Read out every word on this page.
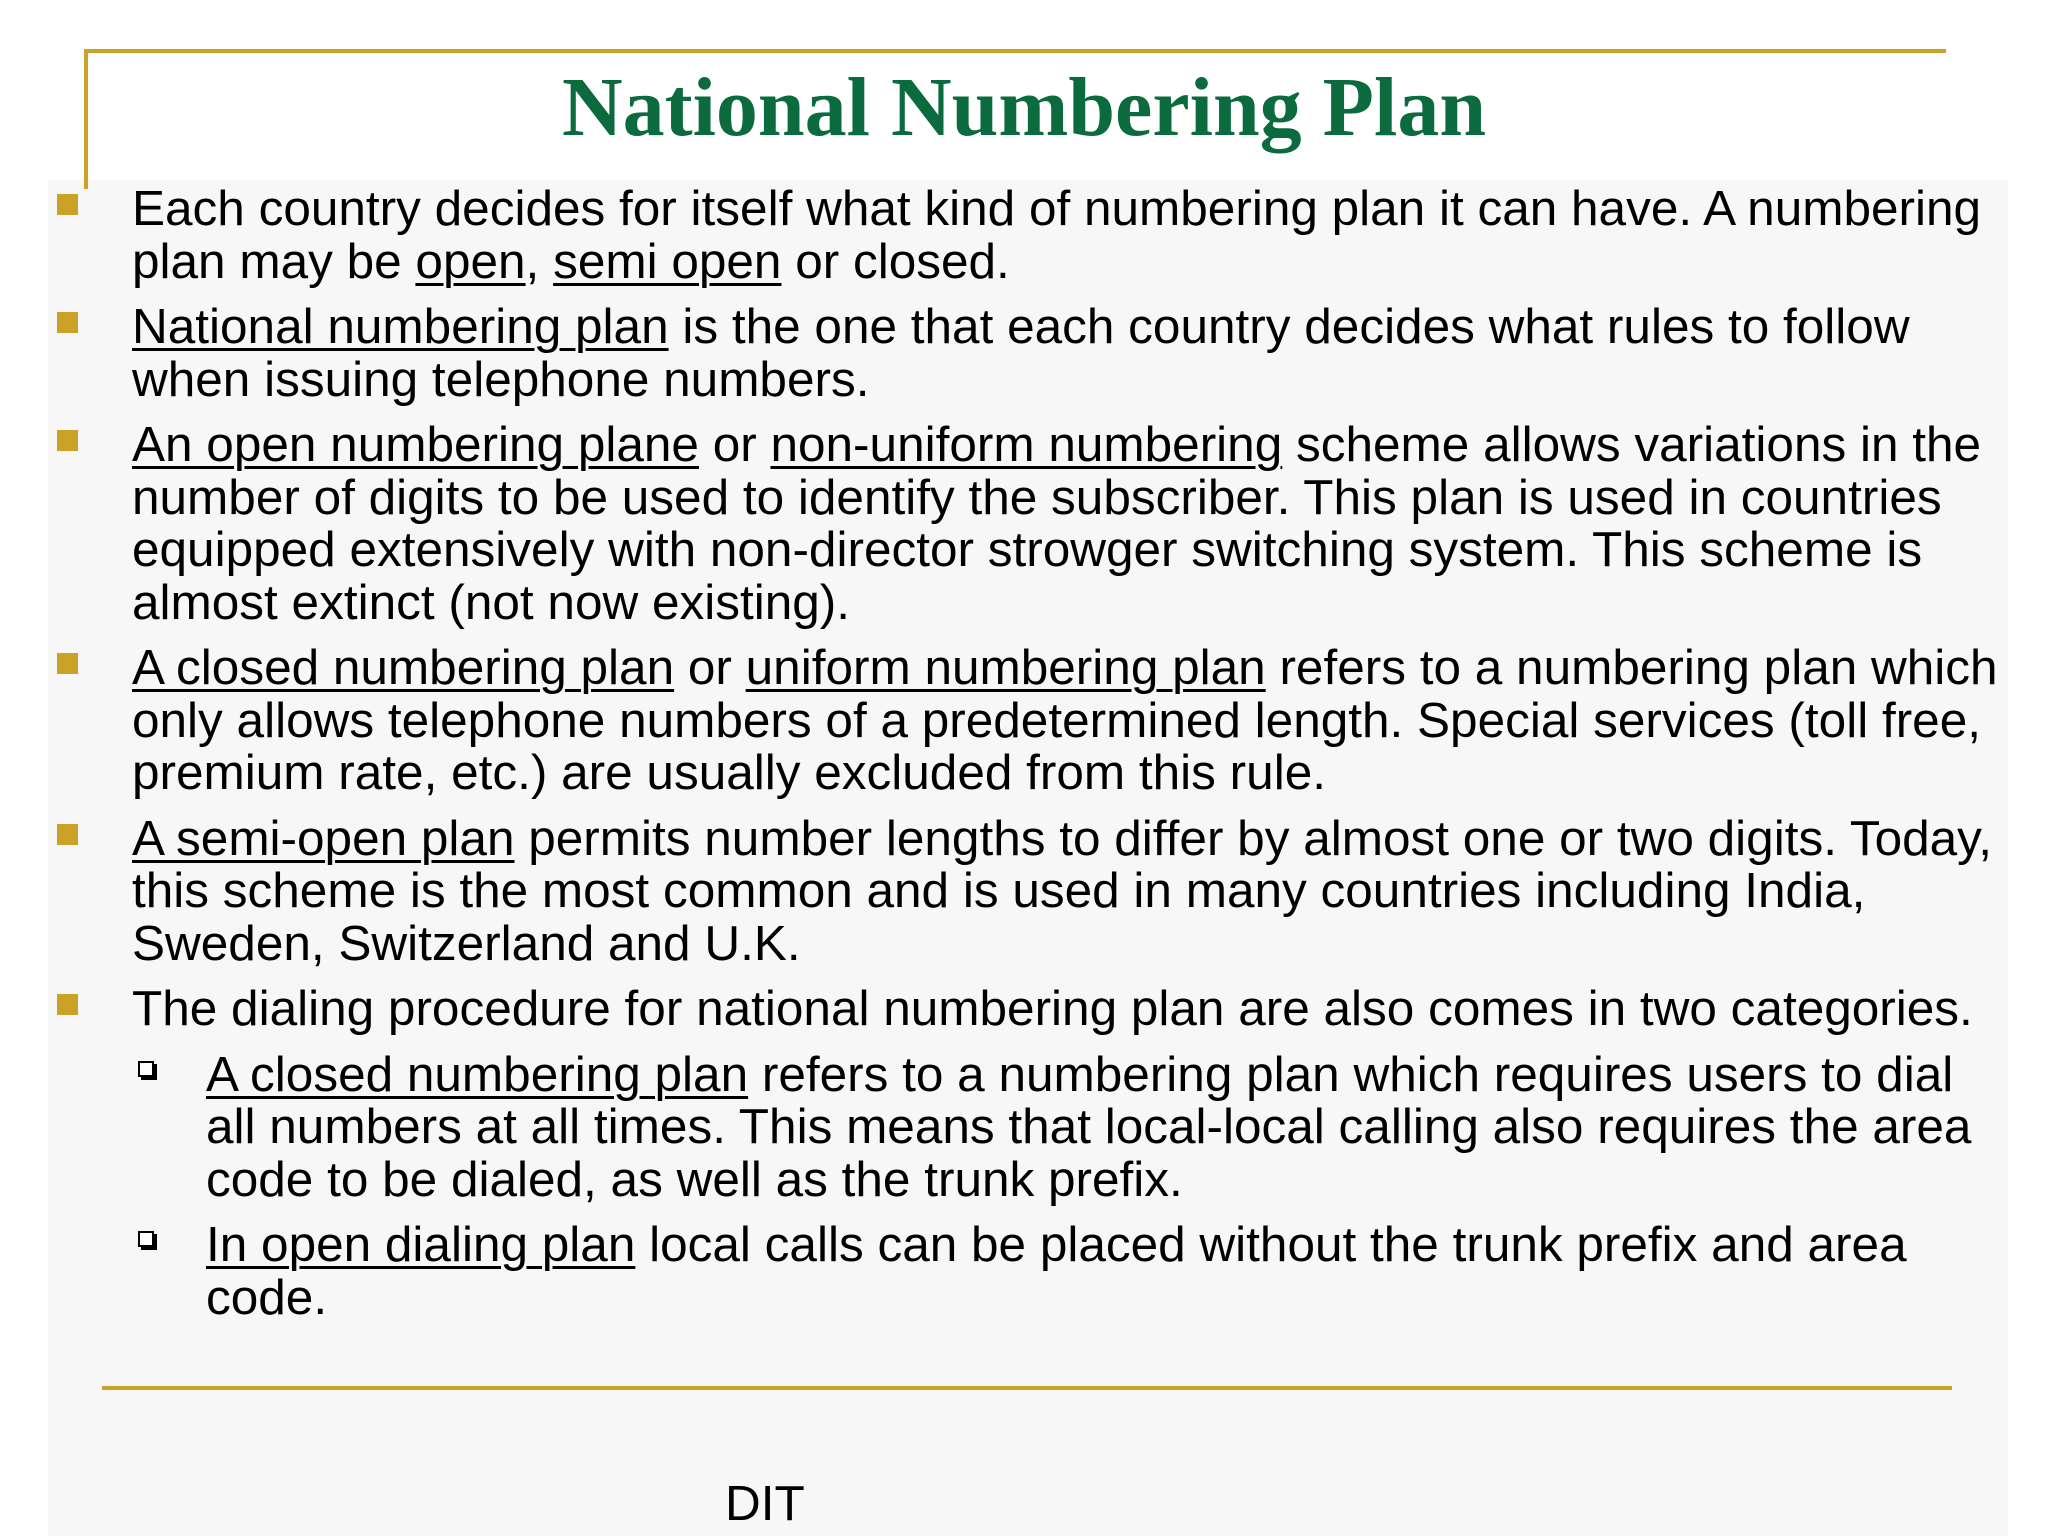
National Numbering Plan
Each country decides for itself what kind of numbering plan it can have. A numbering plan may be open, semi open or closed.
National numbering plan is the one that each country decides what rules to follow when issuing telephone numbers.
An open numbering plane or non-uniform numbering scheme allows variations in the number of digits to be used to identify the subscriber. This plan is used in countries equipped extensively with non-director strowger switching system. This scheme is almost extinct (not now existing).
A closed numbering plan or uniform numbering plan refers to a numbering plan which only allows telephone numbers of a predetermined length. Special services (toll free, premium rate, etc.) are usually excluded from this rule.
A semi-open plan permits number lengths to differ by almost one or two digits. Today, this scheme is the most common and is used in many countries including India, Sweden, Switzerland and U.K.
The dialing procedure for national numbering plan are also comes in two categories.
A closed numbering plan refers to a numbering plan which requires users to dial all numbers at all times. This means that local-local calling also requires the area code to be dialed, as well as the trunk prefix.
In open dialing plan local calls can be placed without the trunk prefix and area code.
DIT
